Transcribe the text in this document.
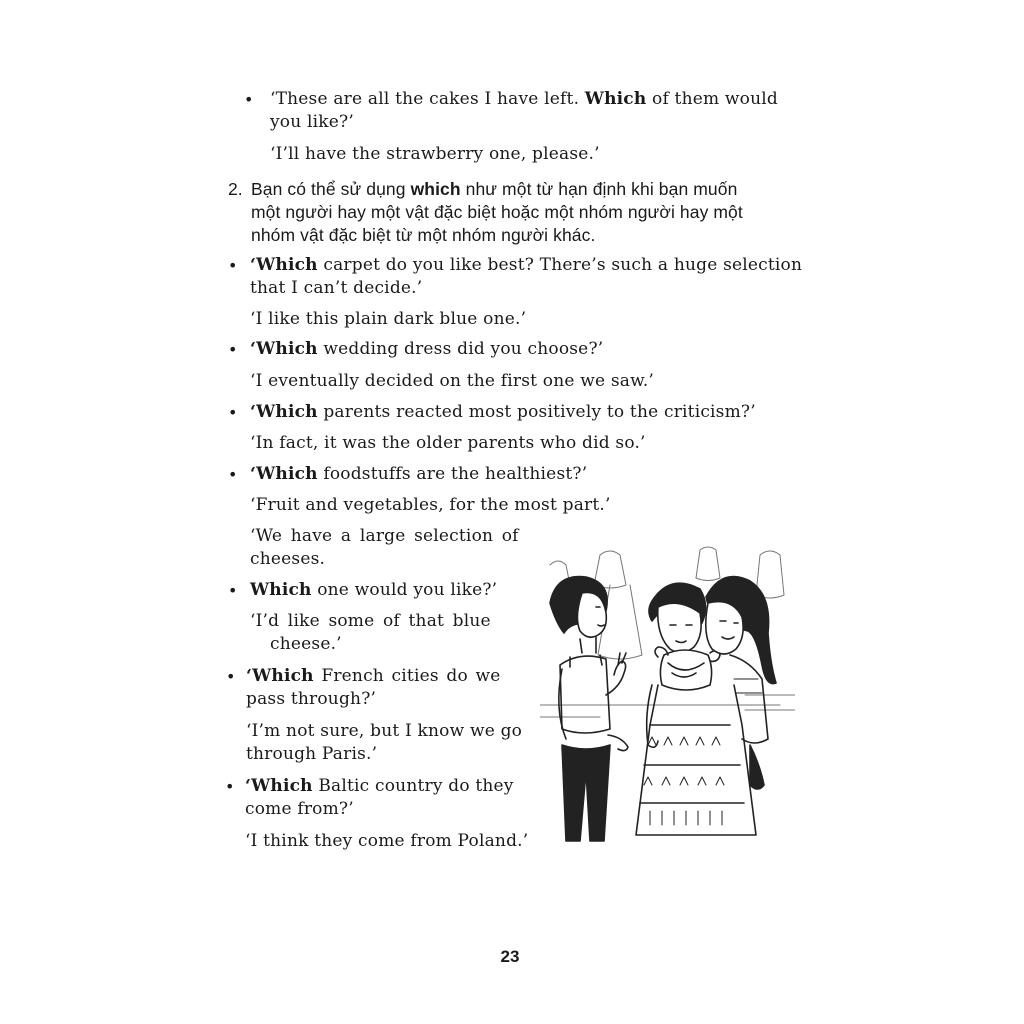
• ‘These are all the cakes I have left. Which of them would
you like?’
‘I’ll have the strawberry one, please.’
2. Bạn có thể sử dụng which như một từ hạn định khi bạn muốn
một người hay một vật đặc biệt hoặc một nhóm người hay một
nhóm vật đặc biệt từ một nhóm người khác.
• ‘Which carpet do you like best? There’s such a huge selection
that I can’t decide.’
‘I like this plain dark blue one.’
• ‘Which wedding dress did you choose?’
‘I eventually decided on the first one we saw.’
• ‘Which parents reacted most positively to the criticism?’
‘In fact, it was the older parents who did so.’
• ‘Which foodstuffs are the healthiest?’
‘Fruit and vegetables, for the most part.’
‘We have a large selection of
cheeses.
• Which one would you like?’
‘I’d like some of that blue
cheese.’
• ‘Which French cities do we
pass through?’
‘I’m not sure, but I know we go
through Paris.’
• ‘Which Baltic country do they
come from?’
‘I think they come from Poland.’
23
